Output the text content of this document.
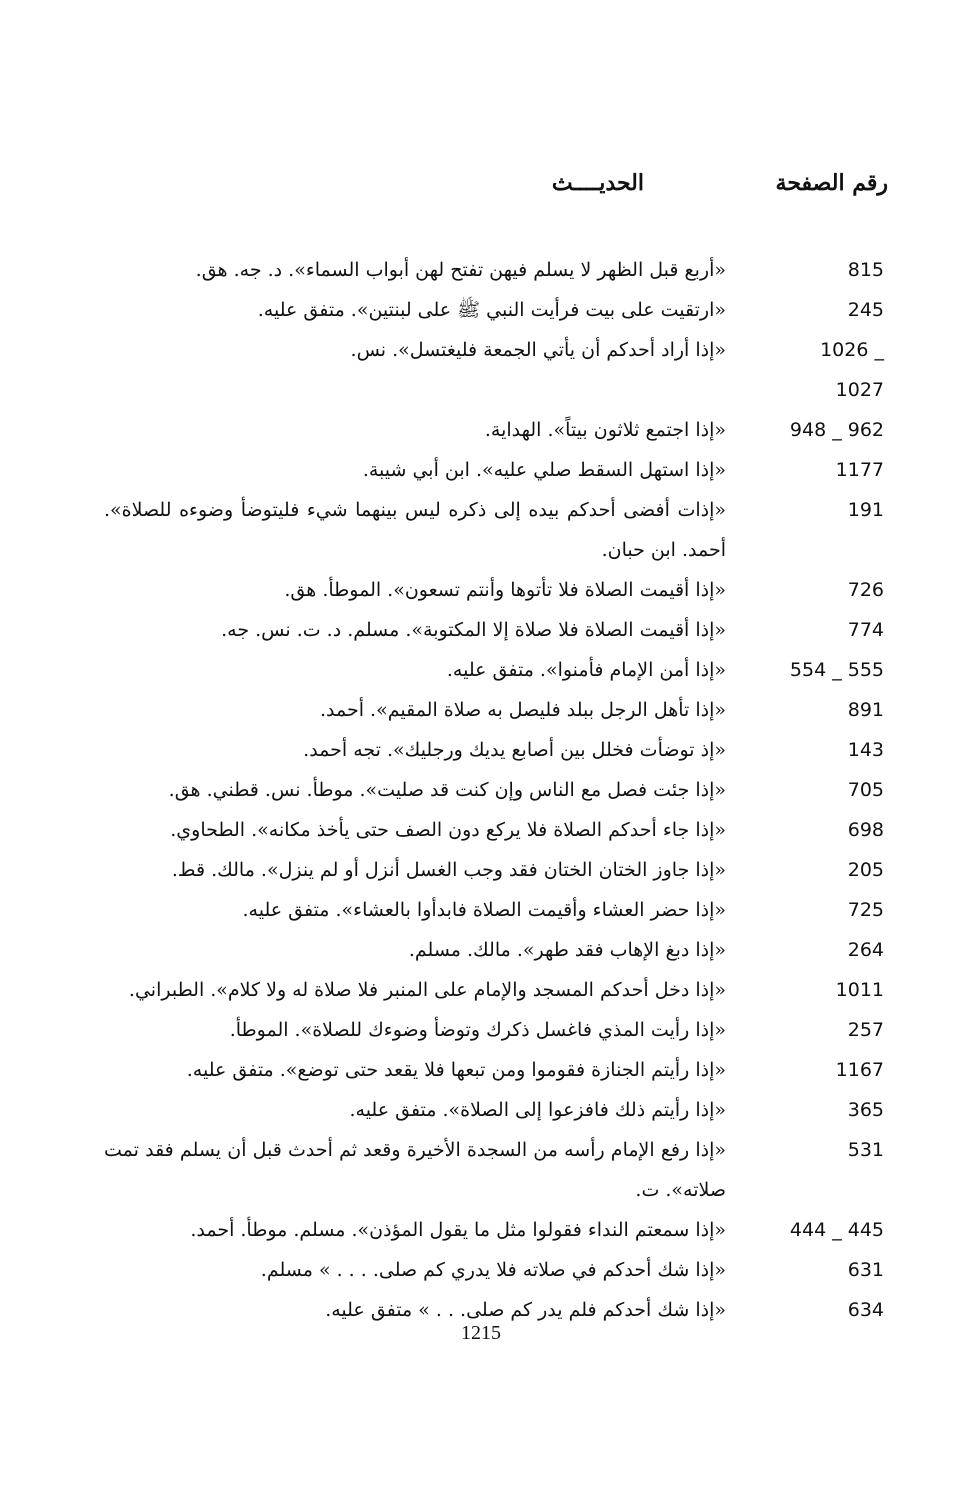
رقم الصفحة
الحديــــث
815
«أربع قبل الظهر لا يسلم فيهن تفتح لهن أبواب السماء». د. جه. هق.
245
«ارتقيت على بيت فرأيت النبي ﷺ على لبنتين». متفق عليه.
1026 _ 1027
«إذا أراد أحدكم أن يأتي الجمعة فليغتسل». نس.
948 _ 962
«إذا اجتمع ثلاثون بيتاً». الهداية.
1177
«إذا استهل السقط صلي عليه». ابن أبي شيبة.
191
«إذات أفضى أحدكم بيده إلى ذكره ليس بينهما شيء فليتوضأ وضوءه للصلاة». أحمد. ابن حبان.
726
«إذا أقيمت الصلاة فلا تأتوها وأنتم تسعون». الموطأ. هق.
774
«إذا أقيمت الصلاة فلا صلاة إلا المكتوبة». مسلم. د. ت. نس. جه.
554 _ 555
«إذا أمن الإمام فأمنوا». متفق عليه.
891
«إذا تأهل الرجل ببلد فليصل به صلاة المقيم». أحمد.
143
«إذ توضأت فخلل بين أصابع يديك ورجليك». تجه أحمد.
705
«إذا جئت فصل مع الناس وإن كنت قد صليت». موطأ. نس. قطني. هق.
698
«إذا جاء أحدكم الصلاة فلا يركع دون الصف حتى يأخذ مكانه». الطحاوي.
205
«إذا جاوز الختان الختان فقد وجب الغسل أنزل أو لم ينزل». مالك. قط.
725
«إذا حضر العشاء وأقيمت الصلاة فابدأوا بالعشاء». متفق عليه.
264
«إذا دبغ الإهاب فقد طهر». مالك. مسلم.
1011
«إذا دخل أحدكم المسجد والإمام على المنبر فلا صلاة له ولا كلام». الطبراني.
257
«إذا رأيت المذي فاغسل ذكرك وتوضأ وضوءك للصلاة». الموطأ.
1167
«إذا رأيتم الجنازة فقوموا ومن تبعها فلا يقعد حتى توضع». متفق عليه.
365
«إذا رأيتم ذلك فافزعوا إلى الصلاة». متفق عليه.
531
«إذا رفع الإمام رأسه من السجدة الأخيرة وقعد ثم أحدث قبل أن يسلم فقد تمت صلاته». ت.
444 _ 445
«إذا سمعتم النداء فقولوا مثل ما يقول المؤذن». مسلم. موطأ. أحمد.
631
«إذا شك أحدكم في صلاته فلا يدري كم صلى. . . . » مسلم.
634
«إذا شك أحدكم فلم يدر كم صلى. . . » متفق عليه.
1215
